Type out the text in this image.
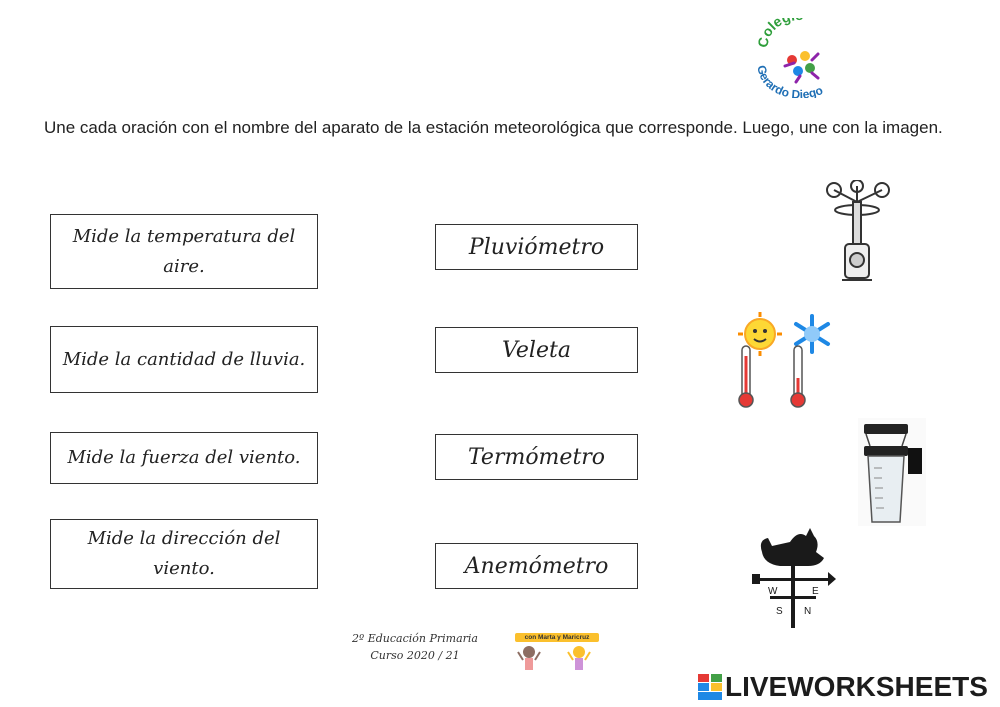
Cole
Gerardo Diego
Une cada oración con el nombre del aparato de la estación meteorológica que corresponde. Luego, une con la imagen.
Mide la temperatura del aire.
Mide la cantidad de lluvia.
Mide la fuerza del viento.
Mide la dirección del viento.
Pluviómetro
Veleta
Termómetro
Anemómetro
W	E
S N
2º Educación Primaria
Curso 2020 / 21
con Marta y Maricruz
LIVEWORKSHEETS
